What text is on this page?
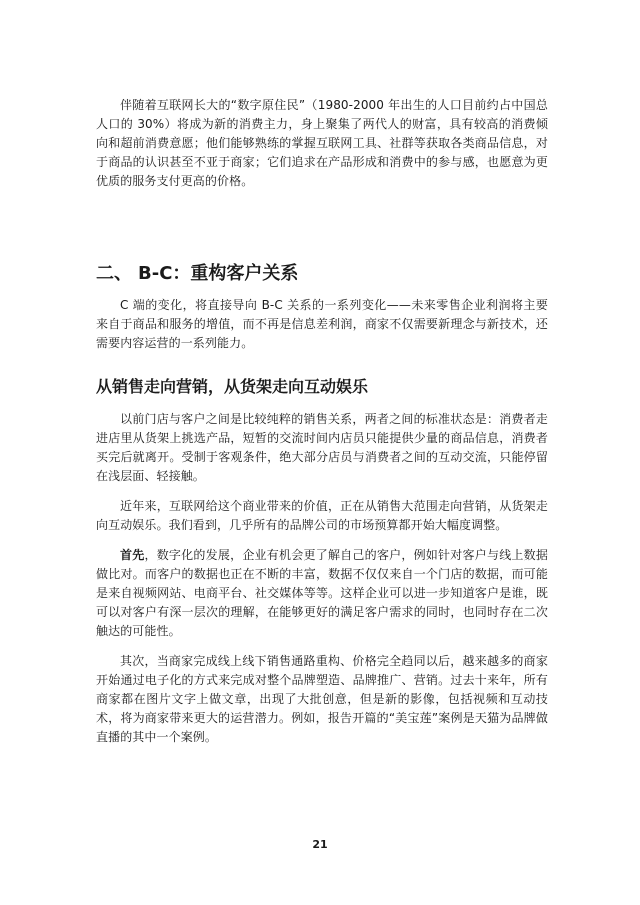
伴随着互联网长大的“数字原住民”（1980-2000 年出生的人口目前约占中国总人口的 30%）将成为新的消费主力，身上聚集了两代人的财富，具有较高的消费倾向和超前消费意愿；他们能够熟练的掌握互联网工具、社群等获取各类商品信息，对于商品的认识甚至不亚于商家；它们追求在产品形成和消费中的参与感，也愿意为更优质的服务支付更高的价格。

二、 B-C：重构客户关系

C 端的变化，将直接导向 B-C 关系的一系列变化——未来零售企业利润将主要来自于商品和服务的增值，而不再是信息差利润，商家不仅需要新理念与新技术，还需要内容运营的一系列能力。

从销售走向营销，从货架走向互动娱乐

以前门店与客户之间是比较纯粹的销售关系，两者之间的标准状态是：消费者走进店里从货架上挑选产品，短暂的交流时间内店员只能提供少量的商品信息，消费者买完后就离开。受制于客观条件，绝大部分店员与消费者之间的互动交流，只能停留在浅层面、轻接触。

近年来，互联网给这个商业带来的价值，正在从销售大范围走向营销，从货架走向互动娱乐。我们看到，几乎所有的品牌公司的市场预算都开始大幅度调整。

首先，数字化的发展，企业有机会更了解自己的客户，例如针对客户与线上数据做比对。而客户的数据也正在不断的丰富，数据不仅仅来自一个门店的数据，而可能是来自视频网站、电商平台、社交媒体等等。这样企业可以进一步知道客户是谁，既可以对客户有深一层次的理解，在能够更好的满足客户需求的同时，也同时存在二次触达的可能性。

其次，当商家完成线上线下销售通路重构、价格完全趋同以后，越来越多的商家开始通过电子化的方式来完成对整个品牌塑造、品牌推广、营销。过去十来年，所有商家都在图片文字上做文章，出现了大批创意，但是新的影像，包括视频和互动技术，将为商家带来更大的运营潜力。例如，报告开篇的“美宝莲”案例是天猫为品牌做直播的其中一个案例。

21
